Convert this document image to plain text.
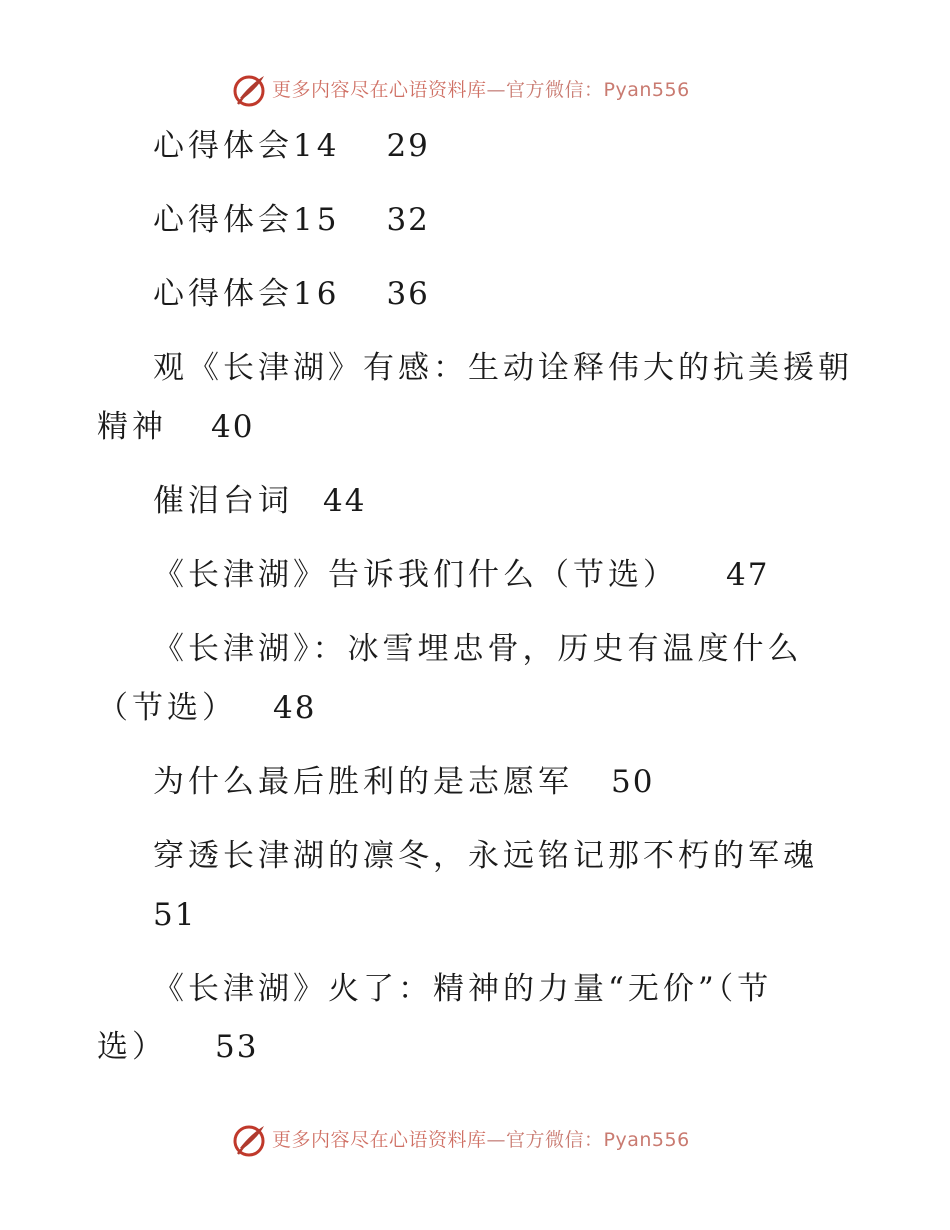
更多内容尽在心语资料库—官方微信：Pyan556
心得体会14 29
心得体会15 32
心得体会16 36
观《长津湖》有感：生动诠释伟大的抗美援朝
精神 40
催泪台词 44
《长津湖》告诉我们什么（节选） 47
《长津湖》：冰雪埋忠骨，历史有温度什么
（节选） 48
为什么最后胜利的是志愿军 50
穿透长津湖的凛冬，永远铭记那不朽的军魂
51
《长津湖》火了：精神的力量“无价”（节
选） 53
更多内容尽在心语资料库—官方微信：Pyan556
